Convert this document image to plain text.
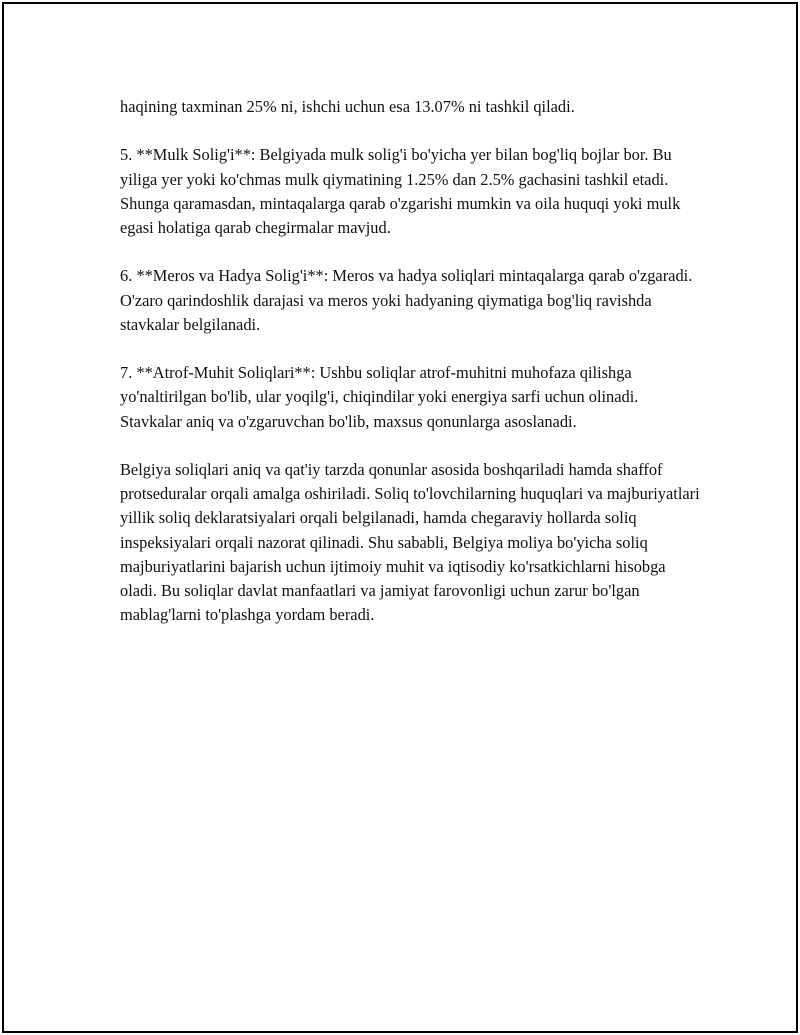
haqining taxminan 25% ni, ishchi uchun esa 13.07% ni tashkil qiladi.

5. **Mulk Solig'i**: Belgiyada mulk solig'i bo'yicha yer bilan bog'liq bojlar bor. Bu yiliga yer yoki ko'chmas mulk qiymatining 1.25% dan 2.5% gachasini tashkil etadi. Shunga qaramasdan, mintaqalarga qarab o'zgarishi mumkin va oila huquqi yoki mulk egasi holatiga qarab chegirmalar mavjud.

6. **Meros va Hadya Solig'i**: Meros va hadya soliqlari mintaqalarga qarab o'zgaradi. O'zaro qarindoshlik darajasi va meros yoki hadyaning qiymatiga bog'liq ravishda stavkalar belgilanadi.

7. **Atrof-Muhit Soliqlari**: Ushbu soliqlar atrof-muhitni muhofaza qilishga yo'naltirilgan bo'lib, ular yoqilg'i, chiqindilar yoki energiya sarfi uchun olinadi. Stavkalar aniq va o'zgaruvchan bo'lib, maxsus qonunlarga asoslanadi.

Belgiya soliqlari aniq va qat'iy tarzda qonunlar asosida boshqariladi hamda shaffof protseduralar orqali amalga oshiriladi. Soliq to'lovchilarning huquqlari va majburiyatlari yillik soliq deklaratsiyalari orqali belgilanadi, hamda chegaraviy hollarda soliq inspeksiyalari orqali nazorat qilinadi. Shu sababli, Belgiya moliya bo'yicha soliq majburiyatlarini bajarish uchun ijtimoiy muhit va iqtisodiy ko'rsatkichlarni hisobga oladi. Bu soliqlar davlat manfaatlari va jamiyat farovonligi uchun zarur bo'lgan mablag'larni to'plashga yordam beradi.
